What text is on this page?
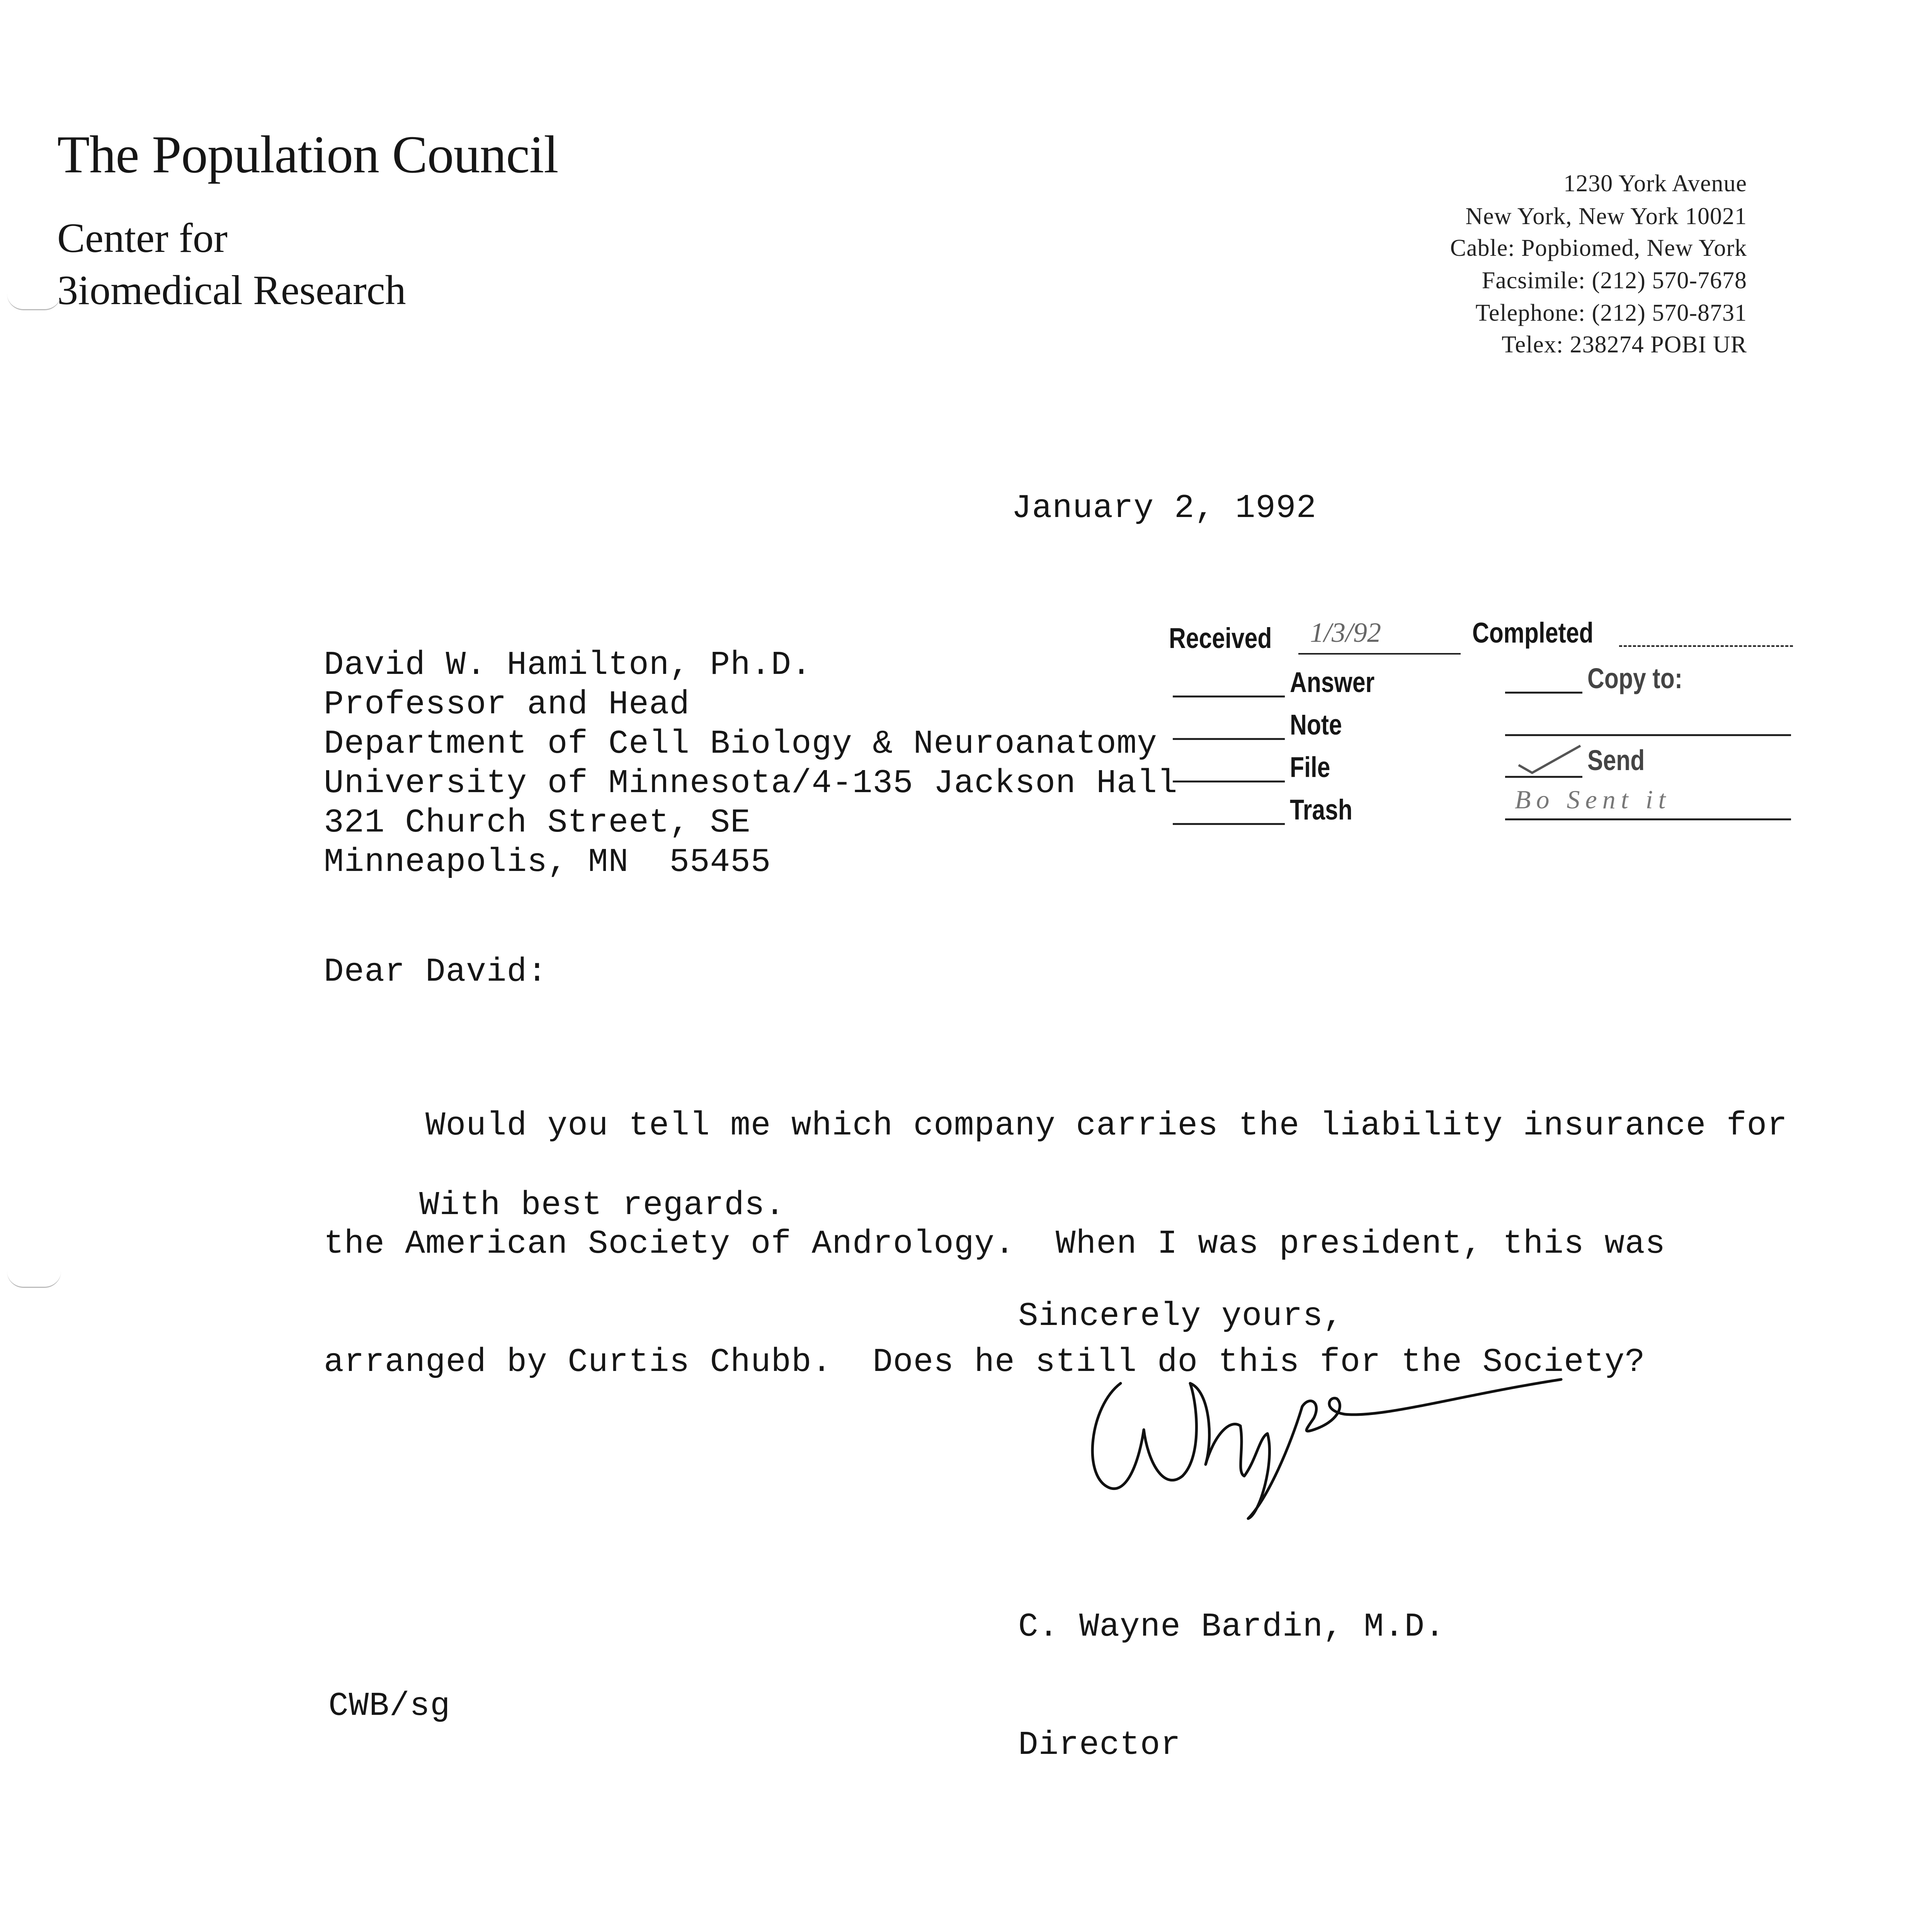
The Population Council
Center for
3iomedical Research
1230 York Avenue
New York, New York 10021
Cable: Popbiomed, New York
Facsimile: (212) 570-7678
Telephone: (212) 570-8731
Telex: 238274 POBI UR
January 2, 1992
David W. Hamilton, Ph.D.
Professor and Head
Department of Cell Biology & Neuroanatomy
University of Minnesota/4-135 Jackson Hall
321 Church Street, SE
Minneapolis, MN  55455
Received 1/3/92	Completed
Answer
Note
File
Trash
Copy to:
Send
Bo Sent it
Dear David:

Would you tell me which company carries the liability insurance for

the American Society of Andrology.  When I was president, this was

arranged by Curtis Chubb.  Does he still do this for the Society?

With best regards.
Sincerely yours,

C. Wayne Bardin, M.D.

Director

CWB/sg
